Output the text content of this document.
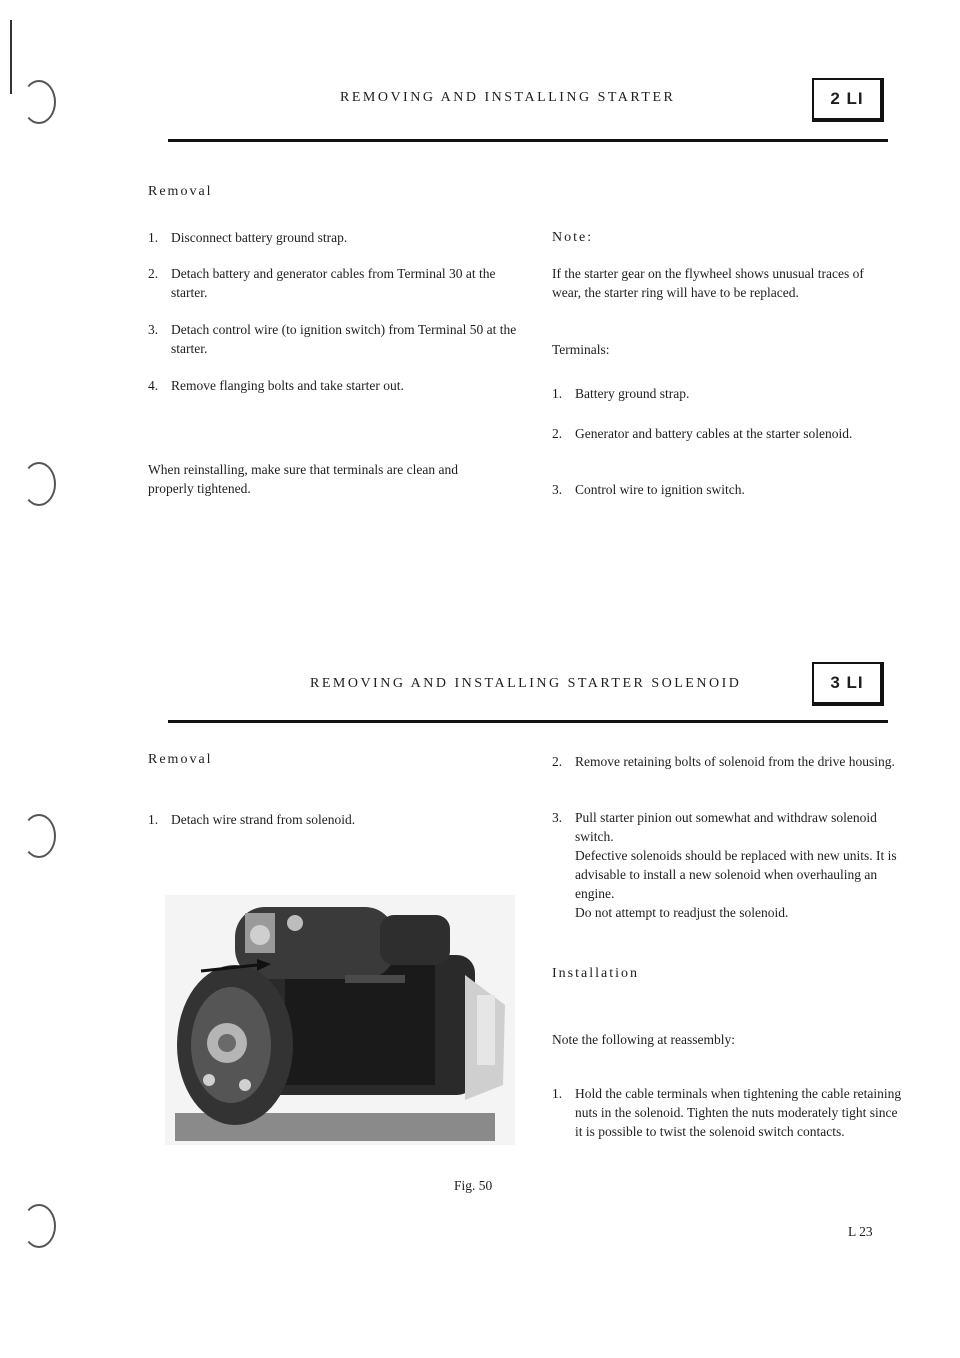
REMOVING AND INSTALLING STARTER	2 LI
Removal
1. Disconnect battery ground strap.
2. Detach battery and generator cables from Terminal 30 at the starter.
3. Detach control wire (to ignition switch) from Terminal 50 at the starter.
4. Remove flanging bolts and take starter out.
When reinstalling, make sure that terminals are clean and properly tightened.
Note:
If the starter gear on the flywheel shows unusual traces of wear, the starter ring will have to be replaced.
Terminals:
1. Battery ground strap.
2. Generator and battery cables at the starter solenoid.
3. Control wire to ignition switch.
REMOVING AND INSTALLING STARTER SOLENOID	3 LI
Removal
1. Detach wire strand from solenoid.
Fig. 50
2. Remove retaining bolts of solenoid from the drive housing.
3. Pull starter pinion out somewhat and withdraw solenoid switch.
Defective solenoids should be replaced with new units. It is advisable to install a new solenoid when overhauling an engine.
Do not attempt to readjust the solenoid.
Installation
Note the following at reassembly:
1. Hold the cable terminals when tightening the cable retaining nuts in the solenoid. Tighten the nuts moderately tight since it is possible to twist the solenoid switch contacts.
L 23
